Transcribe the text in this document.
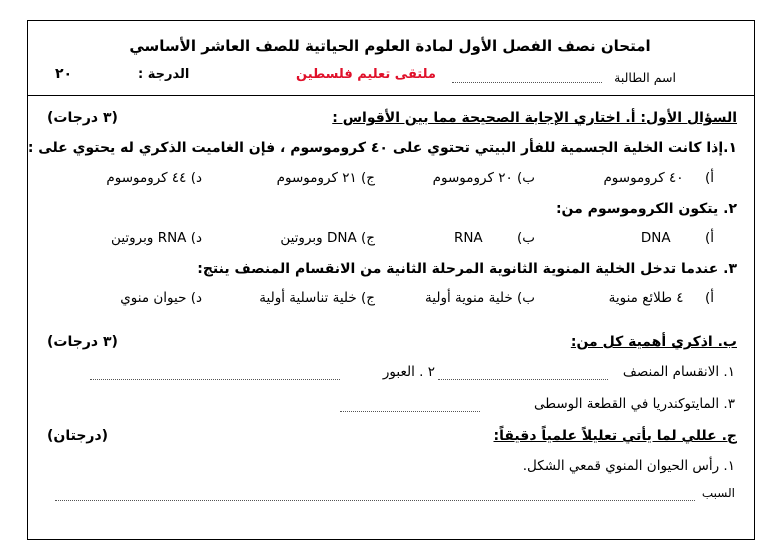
امتحان نصف الفصل الأول لمادة العلوم الحياتية للصف العاشر الأساسي
اسم الطالبة
ملتقى تعليم فلسطين
الدرجة :
٢٠
السؤال الأول: أ. اختاري الإجابة الصحيحة مما بين الأقواس :
(٣ درجات)
١.إذا كانت الخلية الجسمية للفأر البيتي تحتوي على ٤٠ كروموسوم ، فإن الغاميت الذكري له يحتوي على :
أ)     ٤٠ كروموسوم
ب) ٢٠ كروموسوم
ج) ٢١ كروموسوم
د) ٤٤ كروموسوم
٢. يتكون الكروموسوم من:
أ)        DNA
ب)        RNA
ج) DNA وبروتين
د) RNA وبروتين
٣. عندما تدخل الخلية المنوية الثانوية المرحلة الثانية من الانقسام المنصف ينتج:
أ)     ٤ طلائع منوية
ب) خلية منوية أولية
ج) خلية تناسلية أولية
د) حيوان منوي
ب. اذكري أهمية كل من:
(٣ درجات)
١. الانقسام المنصف
٢ . العبور
٣. المايتوكندريا في القطعة الوسطى
ج. عللي لما يأتي تعليلاً علمياً دقيقاً:
(درجتان)
١. رأس الحيوان المنوي قمعي الشكل.
السبب
